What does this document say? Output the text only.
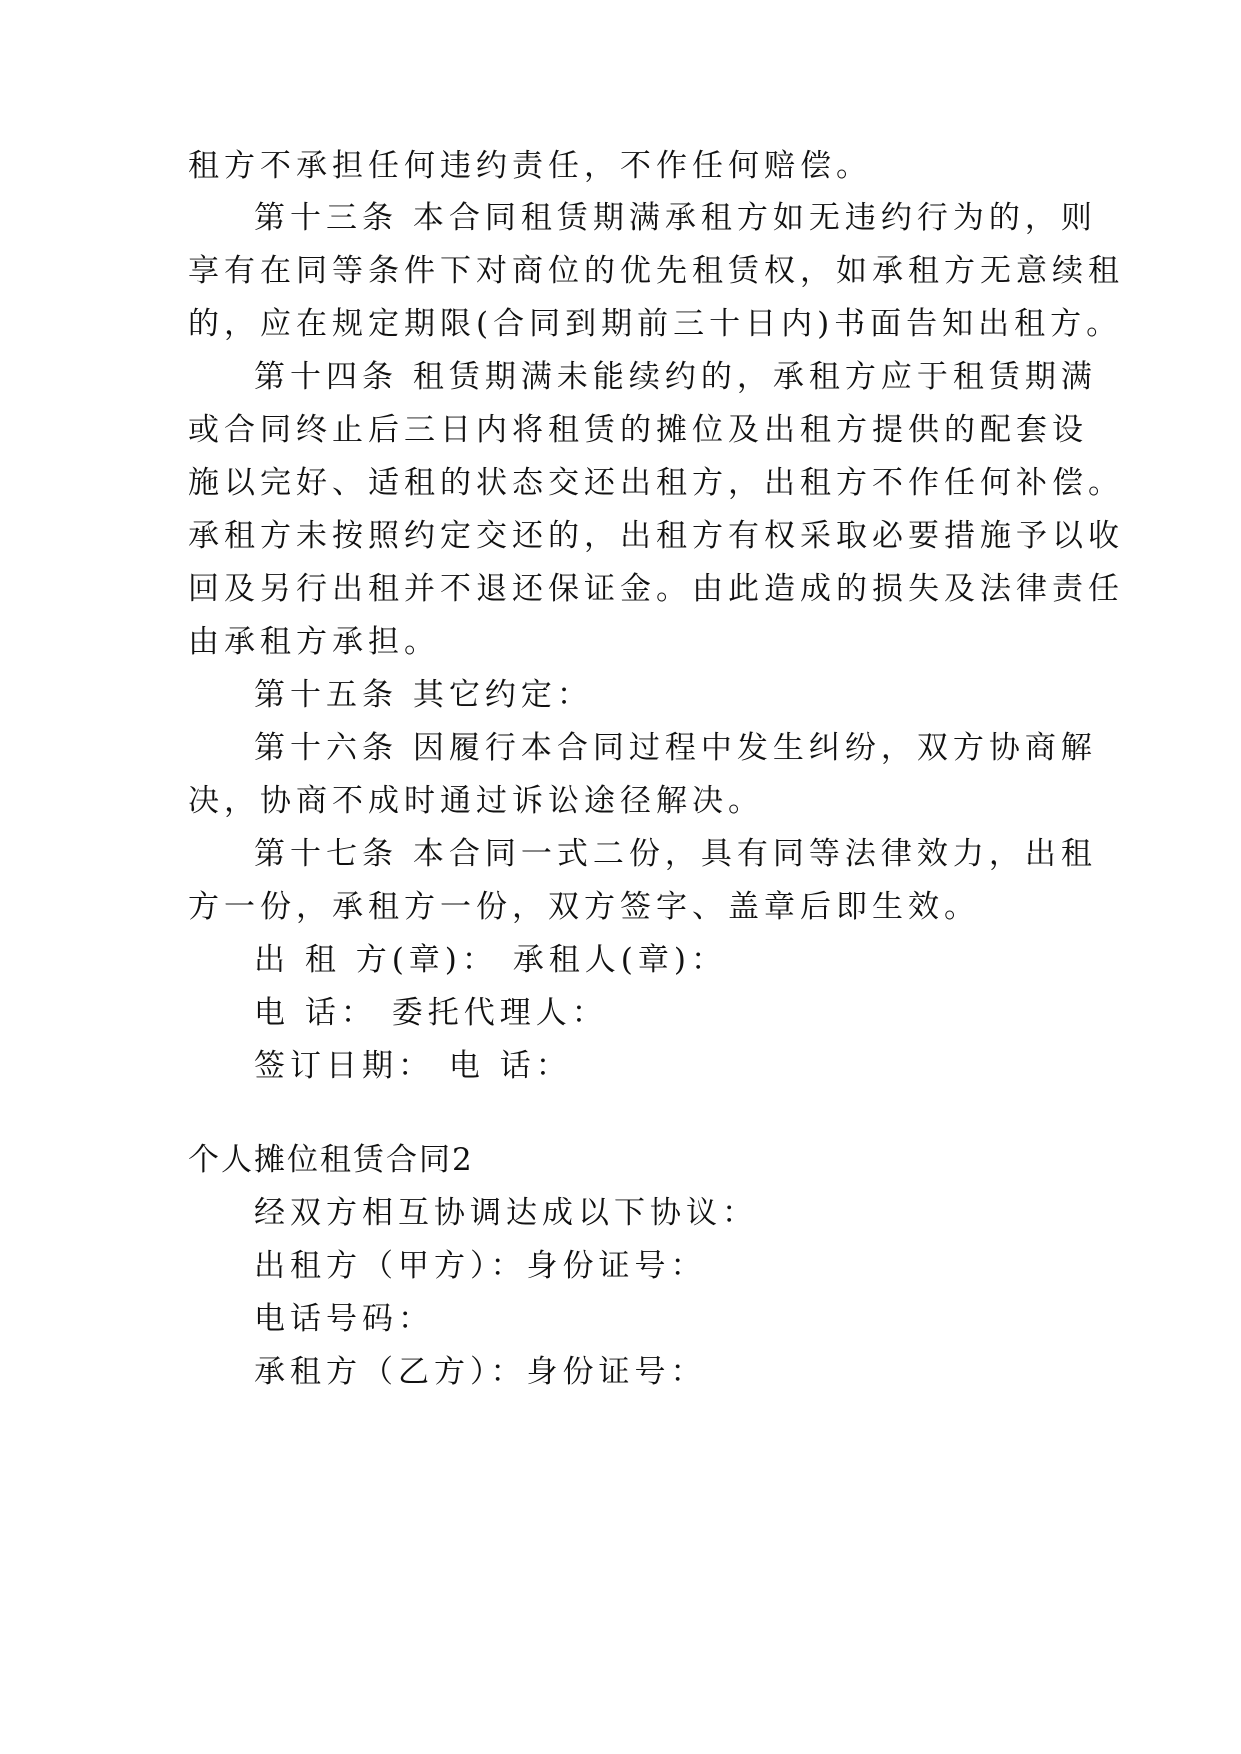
租方不承担任何违约责任，不作任何赔偿。
第十三条 本合同租赁期满承租方如无违约行为的，则
享有在同等条件下对商位的优先租赁权，如承租方无意续租
的，应在规定期限(合同到期前三十日内)书面告知出租方。
第十四条 租赁期满未能续约的，承租方应于租赁期满
或合同终止后三日内将租赁的摊位及出租方提供的配套设
施以完好、适租的状态交还出租方，出租方不作任何补偿。
承租方未按照约定交还的，出租方有权采取必要措施予以收
回及另行出租并不退还保证金。由此造成的损失及法律责任
由承租方承担。
第十五条 其它约定：
第十六条 因履行本合同过程中发生纠纷，双方协商解
决，协商不成时通过诉讼途径解决。
第十七条 本合同一式二份，具有同等法律效力，出租
方一份，承租方一份，双方签字、盖章后即生效。
出 租 方(章)： 承租人(章)：
电 话： 委托代理人：
签订日期： 电 话：
个人摊位租赁合同2
经双方相互协调达成以下协议：
出租方（甲方）：身份证号：
电话号码：
承租方（乙方）：身份证号：
